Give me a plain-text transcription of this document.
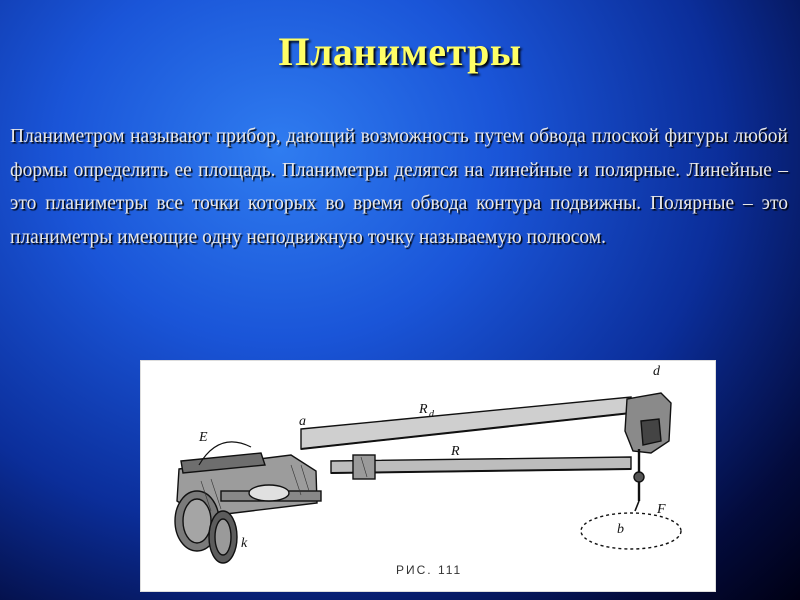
Планиметры
Планиметром называют прибор, дающий возможность путем обвода плоской фигуры любой формы определить ее площадь. Планиметры делятся на линейные и полярные. Линейные – это планиметры все точки которых во время обвода контура подвижны. Полярные – это планиметры имеющие одну неподвижную точку называемую полюсом.
d
a
R d
R
E
k
F
b
РИС. 111
